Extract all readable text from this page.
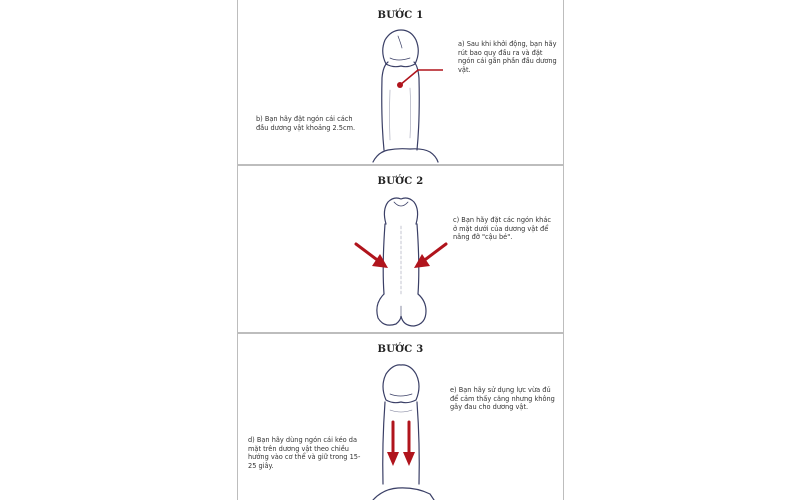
BƯỚC 1
a) Sau khi khởi động, bạn hãy rút bao quy đầu ra và đặt ngón cái gần phần đầu dương vật.
b) Bạn hãy đặt ngón cái cách đầu dương vật khoảng 2.5cm.
BƯỚC 2
c) Bạn hãy đặt các ngón khác ở mặt dưới của dương vật để nâng đỡ "cậu bé".
BƯỚC 3
e) Bạn hãy sử dụng lực vừa đủ để cảm thấy căng nhưng không gây đau cho dương vật.
d) Bạn hãy dùng ngón cái kéo da mặt trên dương vật theo chiều hướng vào cơ thể và giữ trong 15-25 giây.
